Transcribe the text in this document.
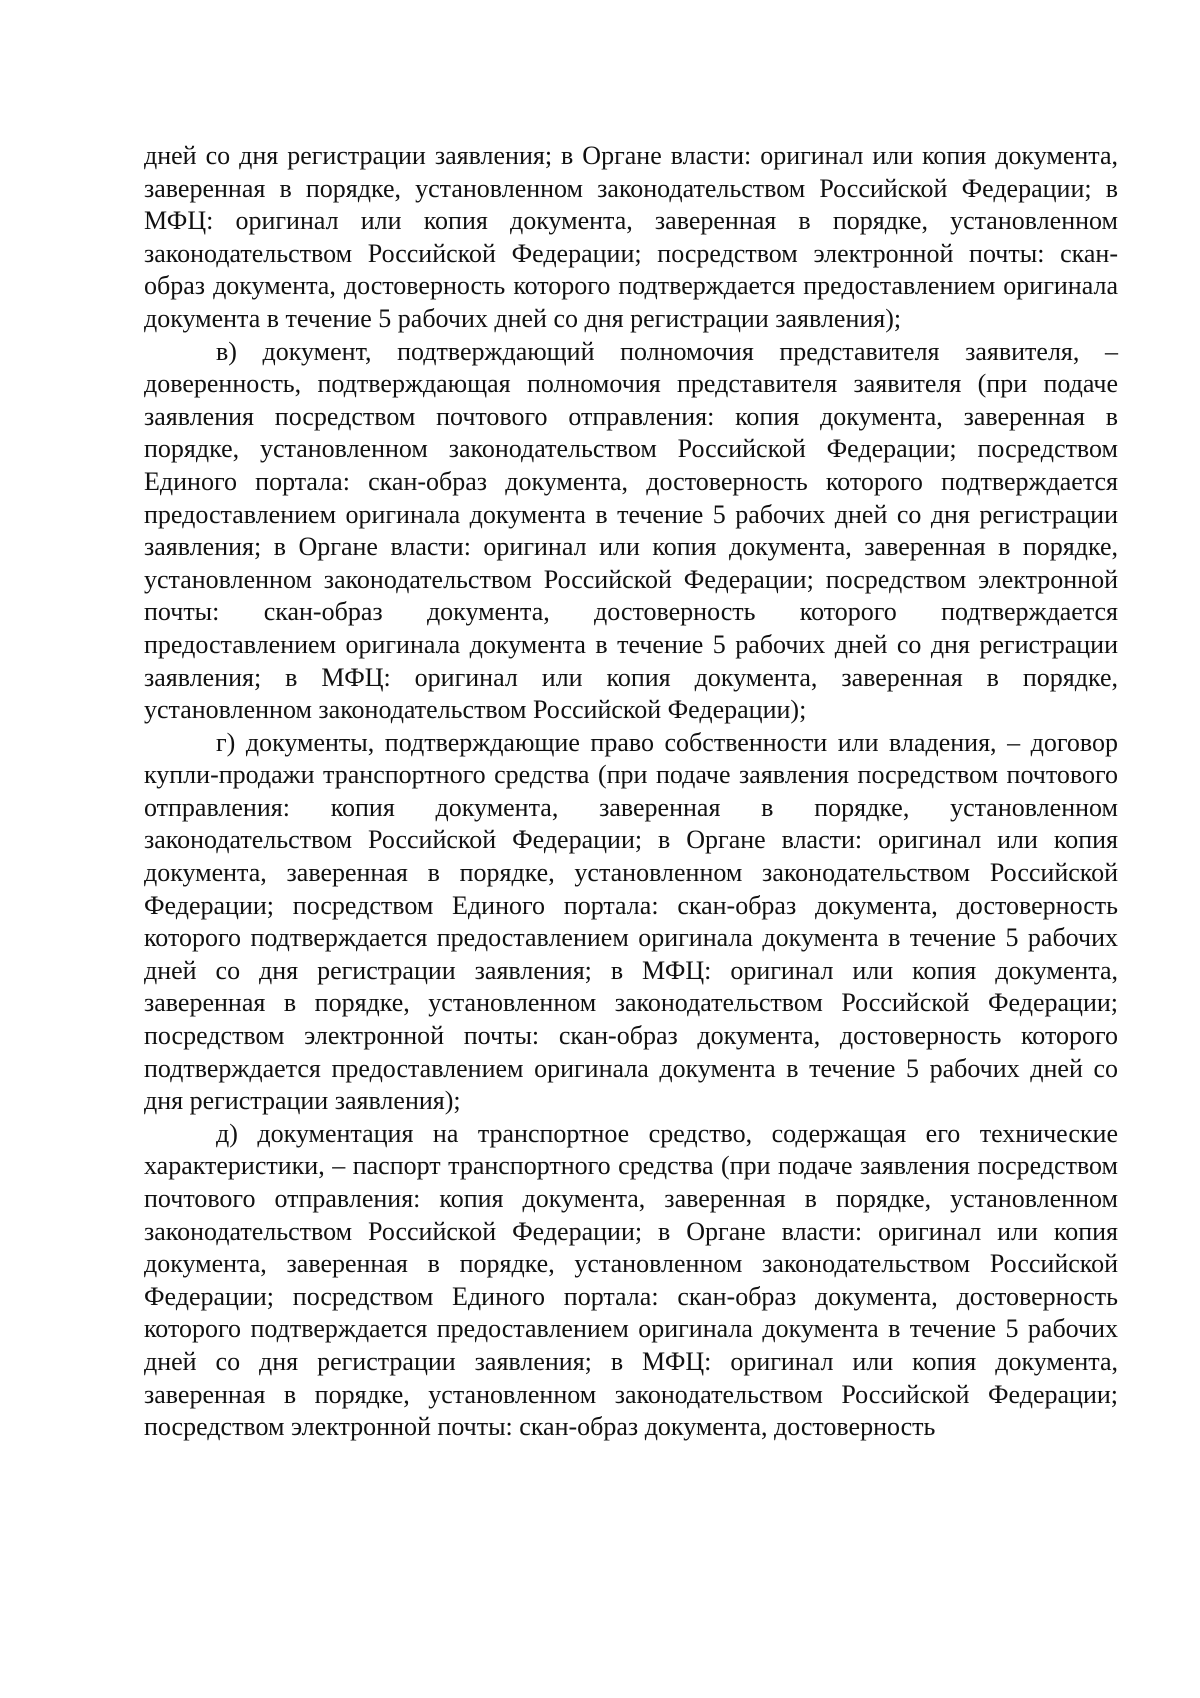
дней со дня регистрации заявления; в Органе власти: оригинал или копия документа, заверенная в порядке, установленном законодательством Российской Федерации; в МФЦ: оригинал или копия документа, заверенная в порядке, установленном законодательством Российской Федерации; посредством электронной почты: скан-образ документа, достоверность которого подтверждается предоставлением оригинала документа в течение 5 рабочих дней со дня регистрации заявления);

в) документ, подтверждающий полномочия представителя заявителя, – доверенность, подтверждающая полномочия представителя заявителя (при подаче заявления посредством почтового отправления: копия документа, заверенная в порядке, установленном законодательством Российской Федерации; посредством Единого портала: скан-образ документа, достоверность которого подтверждается предоставлением оригинала документа в течение 5 рабочих дней со дня регистрации заявления; в Органе власти: оригинал или копия документа, заверенная в порядке, установленном законодательством Российской Федерации; посредством электронной почты: скан-образ документа, достоверность которого подтверждается предоставлением оригинала документа в течение 5 рабочих дней со дня регистрации заявления; в МФЦ: оригинал или копия документа, заверенная в порядке, установленном законодательством Российской Федерации);

г) документы, подтверждающие право собственности или владения, – договор купли-продажи транспортного средства (при подаче заявления посредством почтового отправления: копия документа, заверенная в порядке, установленном законодательством Российской Федерации; в Органе власти: оригинал или копия документа, заверенная в порядке, установленном законодательством Российской Федерации; посредством Единого портала: скан-образ документа, достоверность которого подтверждается предоставлением оригинала документа в течение 5 рабочих дней со дня регистрации заявления; в МФЦ: оригинал или копия документа, заверенная в порядке, установленном законодательством Российской Федерации; посредством электронной почты: скан-образ документа, достоверность которого подтверждается предоставлением оригинала документа в течение 5 рабочих дней со дня регистрации заявления);

д) документация на транспортное средство, содержащая его технические характеристики, – паспорт транспортного средства (при подаче заявления посредством почтового отправления: копия документа, заверенная в порядке, установленном законодательством Российской Федерации; в Органе власти: оригинал или копия документа, заверенная в порядке, установленном законодательством Российской Федерации; посредством Единого портала: скан-образ документа, достоверность которого подтверждается предоставлением оригинала документа в течение 5 рабочих дней со дня регистрации заявления; в МФЦ: оригинал или копия документа, заверенная в порядке, установленном законодательством Российской Федерации; посредством электронной почты: скан-образ документа, достоверность
